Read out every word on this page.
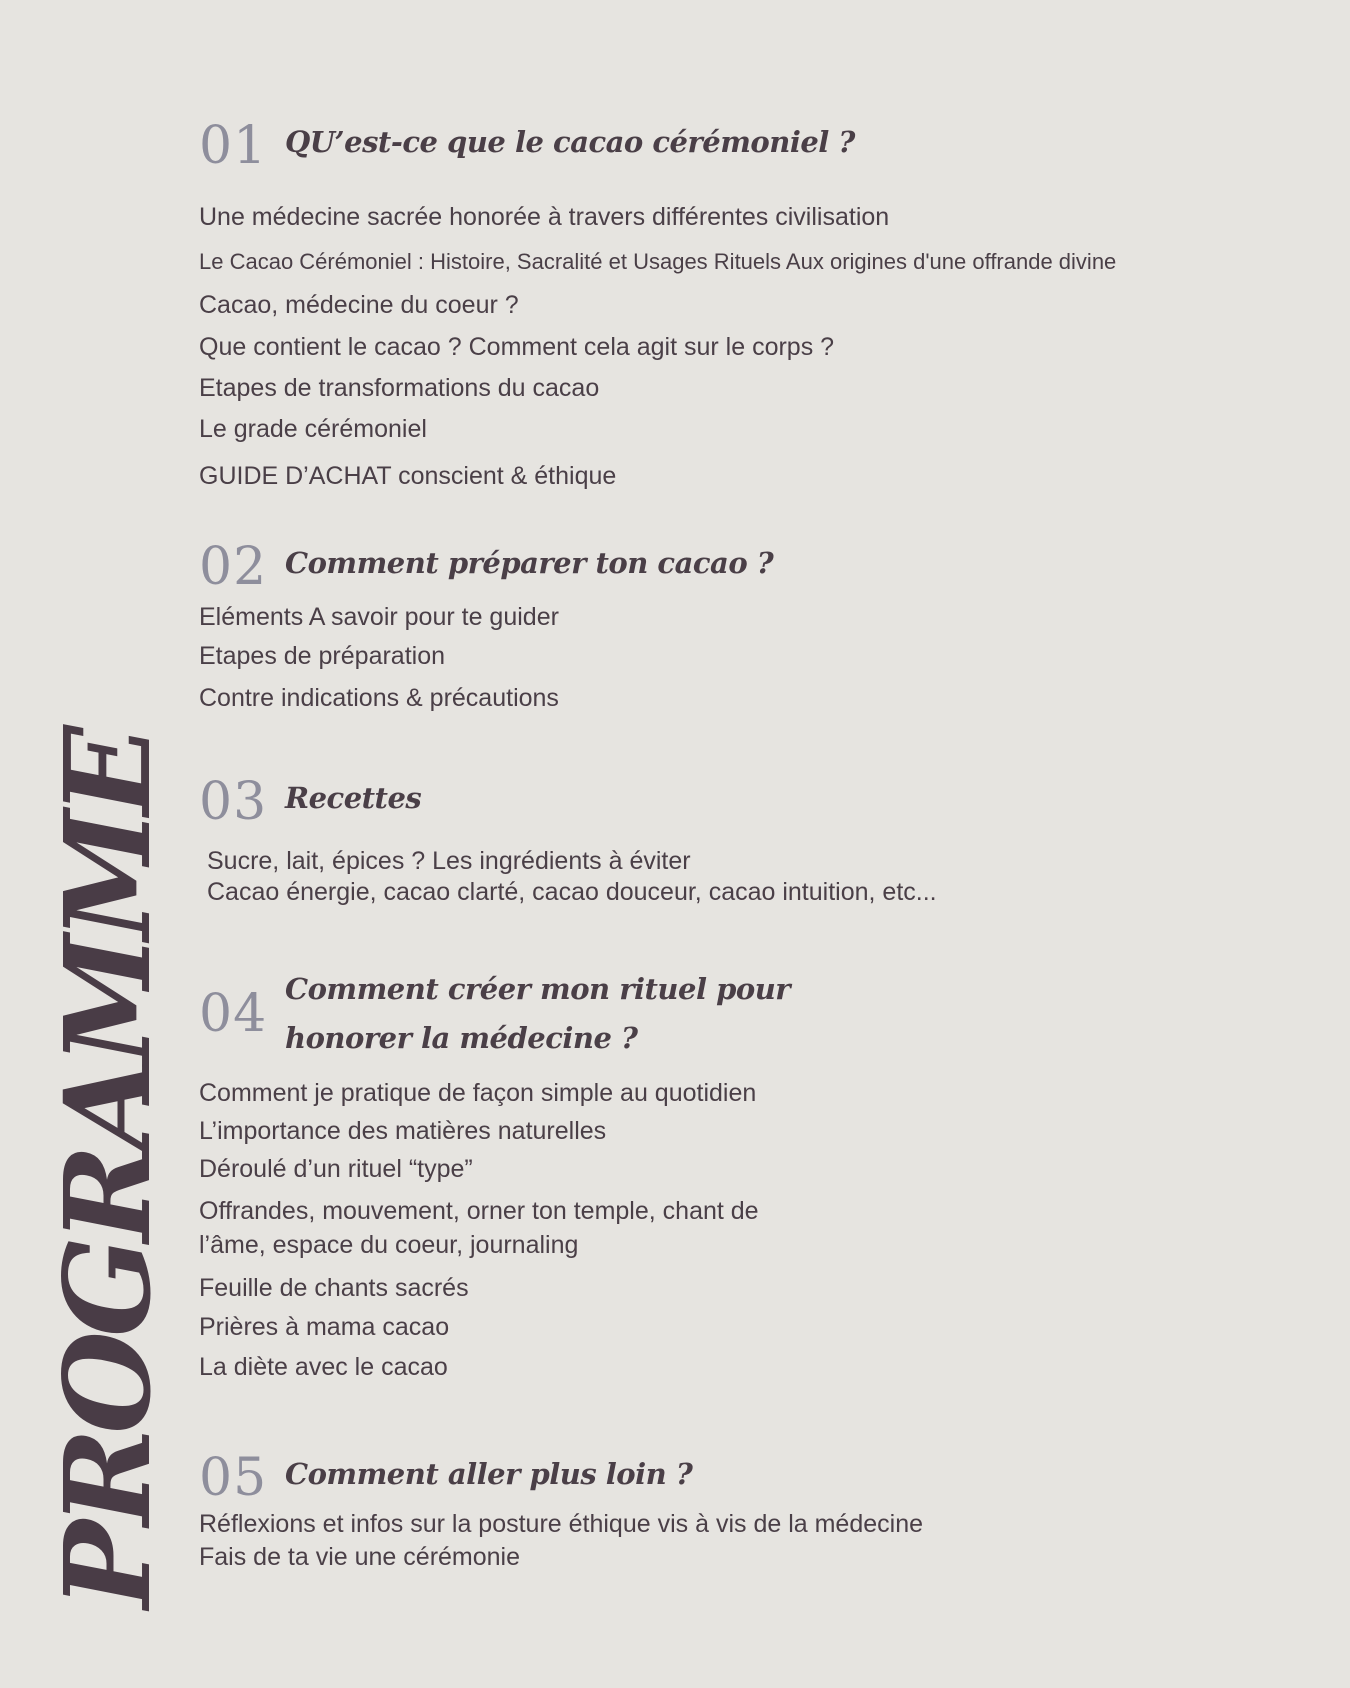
PROGRAMME
01 QU’est-ce que le cacao cérémoniel ?

Une médecine sacrée honorée à travers différentes civilisation

Le Cacao Cérémoniel : Histoire, Sacralité et Usages Rituels Aux origines d'une offrande divine

Cacao, médecine du coeur ?

Que contient le cacao ? Comment cela agit sur le corps ?

Etapes de transformations du cacao

Le grade cérémoniel

GUIDE D’ACHAT conscient & éthique

02 Comment préparer ton cacao ?

Eléments A savoir pour te guider

Etapes de préparation

Contre indications & précautions

03 Recettes

Sucre, lait, épices ? Les ingrédients à éviter

Cacao énergie, cacao clarté, cacao douceur, cacao intuition, etc...

04 Comment créer mon rituel pour
honorer la médecine ?

Comment je pratique de façon simple au quotidien

L’importance des matières naturelles

Déroulé d’un rituel “type”

Offrandes, mouvement, orner ton temple, chant de

l’âme, espace du coeur, journaling

Feuille de chants sacrés

Prières à mama cacao

La diète avec le cacao

05 Comment aller plus loin ?

Réflexions et infos sur la posture éthique vis à vis de la médecine

Fais de ta vie une cérémonie
